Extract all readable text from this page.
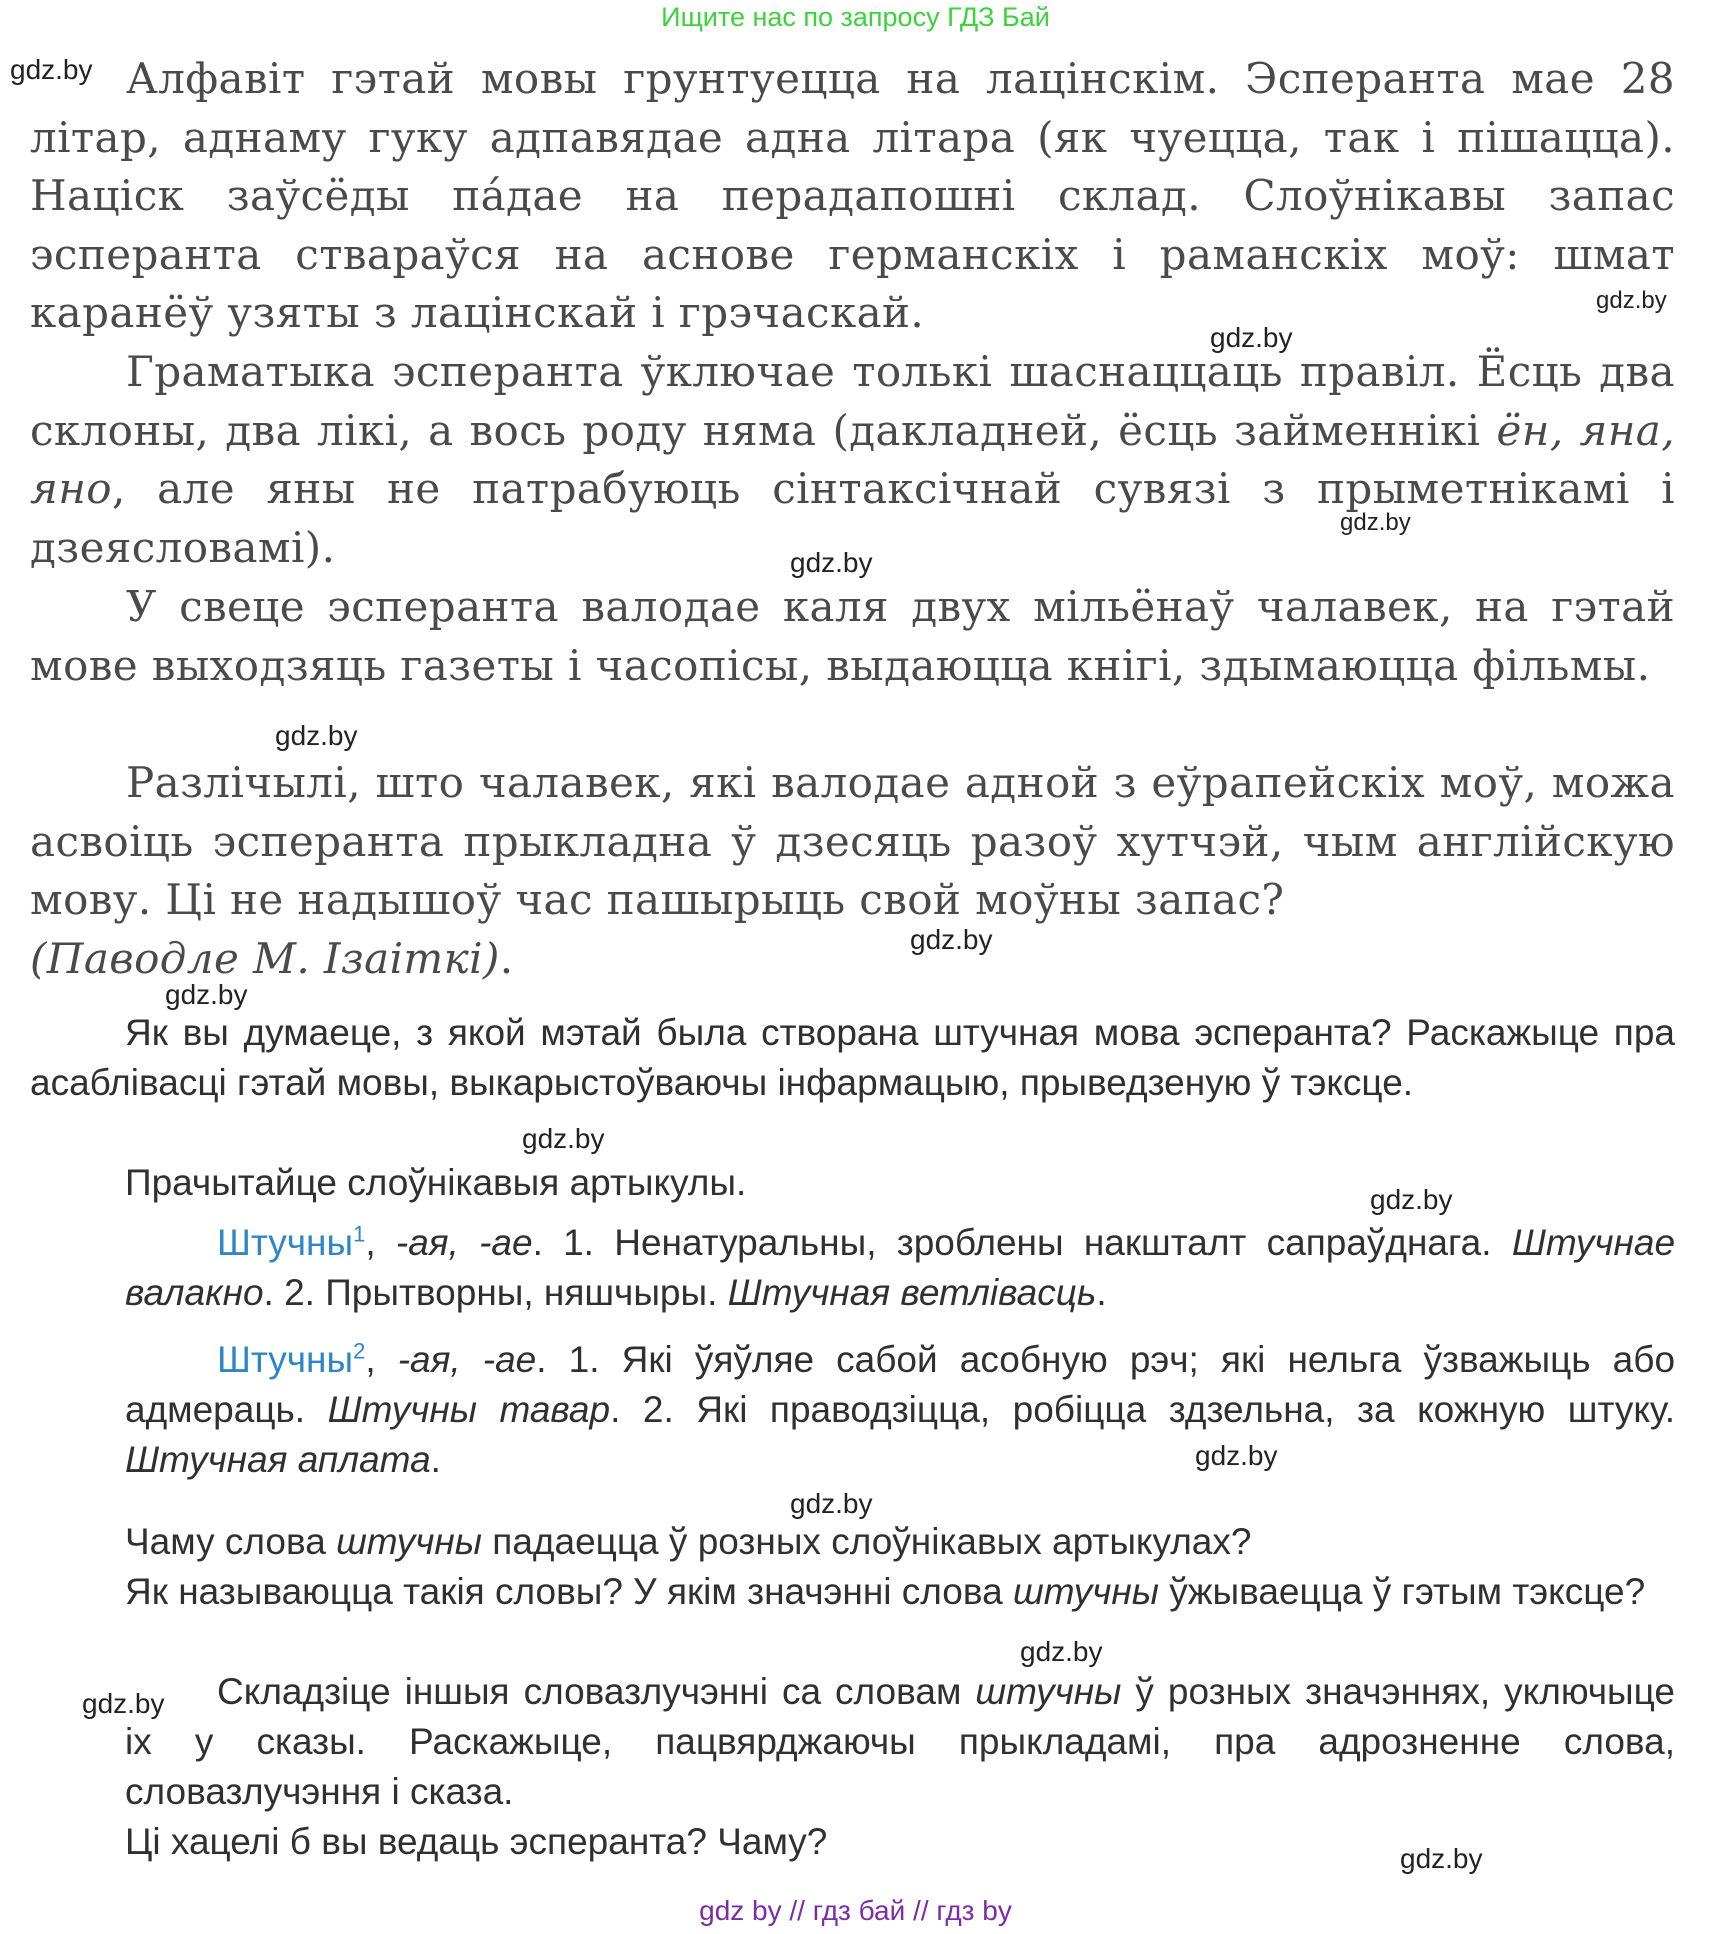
Ищите нас по запросу ГДЗ Бай
Алфавіт гэтай мовы грунтуецца на лацінскім. Эсперанта мае 28 літар, аднаму гуку адпавядае адна літара (як чуецца, так і пішацца). Націск заўсёды па́дае на перадапошні склад. Слоўнікавы запас эсперанта стварaўся на аснове германскіх і раманскіх моў: шмат каранёў узяты з лацінскай і грэчаскай.
Граматыка эсперанта ўключае толькі шаснаццаць правіл. Ёсць два склоны, два лікі, а вось роду няма (дакладней, ёсць займеннікі ён, яна, яно, але яны не патрабуюць сінтаксічнай сувязі з прыметнікамі і дзеясловамі).
У свеце эсперанта валодае каля двух мільёнаў чалавек, на гэтай мове выходзяць газеты і часопісы, выдаюцца кнігі, здымаюцца фільмы.
Разлічылі, што чалавек, які валодае адной з еўрапейскіх моў, можа асвоіць эсперанта прыкладна ў дзесяць разоў хутчэй, чым англійскую мову. Ці не надышоў час пашырыць свой моўны запас?
(Паводле М. Ізаіткі).
Як вы думаеце, з якой мэтай была створана штучная мова эсперанта? Раскажыце пра асаблівасці гэтай мовы, выкарыстоўваючы інфармацыю, прыведзеную ў тэксце.
Прачытайце слоўнікавыя артыкулы.
Штучны$^1$, -ая, -ае. 1. Ненатуральны, зроблены накшталт сапраўднага. Штучнае валакно. 2. Прытворны, няшчыры. Штучная ветлівасць.
Штучны$^2$, -ая, -ае. 1. Які ўяўляе сабой асобную рэч; які нельга ўзважыць або адмераць. Штучны тавар. 2. Які праводзіцца, робіцца здзельна, за кожную штуку. Штучная аплата.
Чаму слова штучны падаецца ў розных слоўнікавых артыкулах?
Як называюцца такія словы? У якім значэнні слова штучны ўжываецца ў гэтым тэксце?
Складзіце іншыя словазлучэнні са словам штучны ў розных значэннях, уключыце іх у сказы. Раскажыце, пацвярджаючы прыкладамі, пра адрозненне слова, словазлучэння і сказа.
Ці хацелі б вы ведаць эсперанта? Чаму?
gdz.by
gdz.by
gdz.by
gdz.by
gdz.by
gdz.by
gdz.by
gdz.by
gdz.by
gdz.by
gdz.by
gdz.by
gdz.by
gdz.by
gdz.by
gdz by // гдз бай // гдз by
